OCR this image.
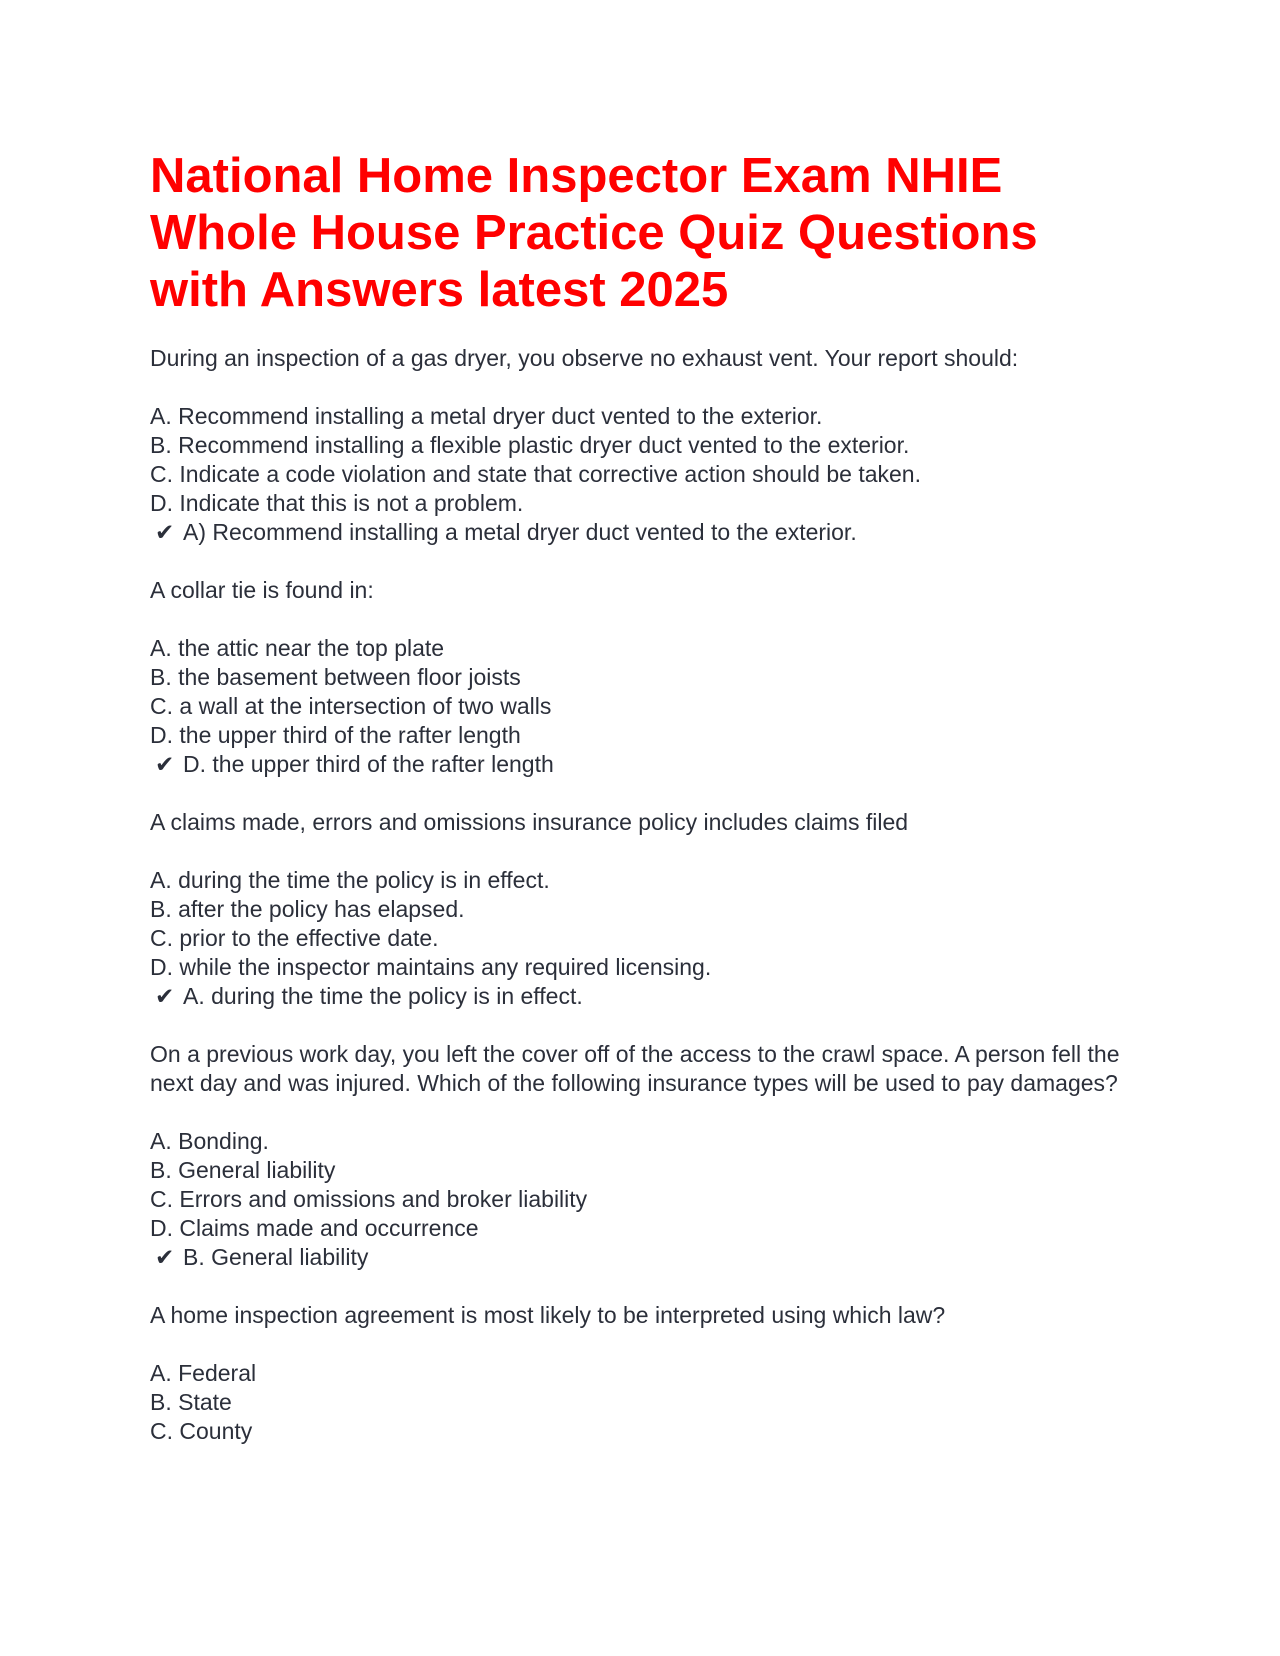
National Home Inspector Exam NHIE
Whole House Practice Quiz Questions
with Answers latest 2025
During an inspection of a gas dryer, you observe no exhaust vent. Your report should:
A. Recommend installing a metal dryer duct vented to the exterior.
B. Recommend installing a flexible plastic dryer duct vented to the exterior.
C. Indicate a code violation and state that corrective action should be taken.
D. Indicate that this is not a problem.
✔ A) Recommend installing a metal dryer duct vented to the exterior.
A collar tie is found in:
A. the attic near the top plate
B. the basement between floor joists
C. a wall at the intersection of two walls
D. the upper third of the rafter length
✔ D. the upper third of the rafter length
A claims made, errors and omissions insurance policy includes claims filed
A. during the time the policy is in effect.
B. after the policy has elapsed.
C. prior to the effective date.
D. while the inspector maintains any required licensing.
✔ A. during the time the policy is in effect.
On a previous work day, you left the cover off of the access to the crawl space. A person fell the next day and was injured. Which of the following insurance types will be used to pay damages?
A. Bonding.
B. General liability
C. Errors and omissions and broker liability
D. Claims made and occurrence
✔ B. General liability
A home inspection agreement is most likely to be interpreted using which law?
A. Federal
B. State
C. County
